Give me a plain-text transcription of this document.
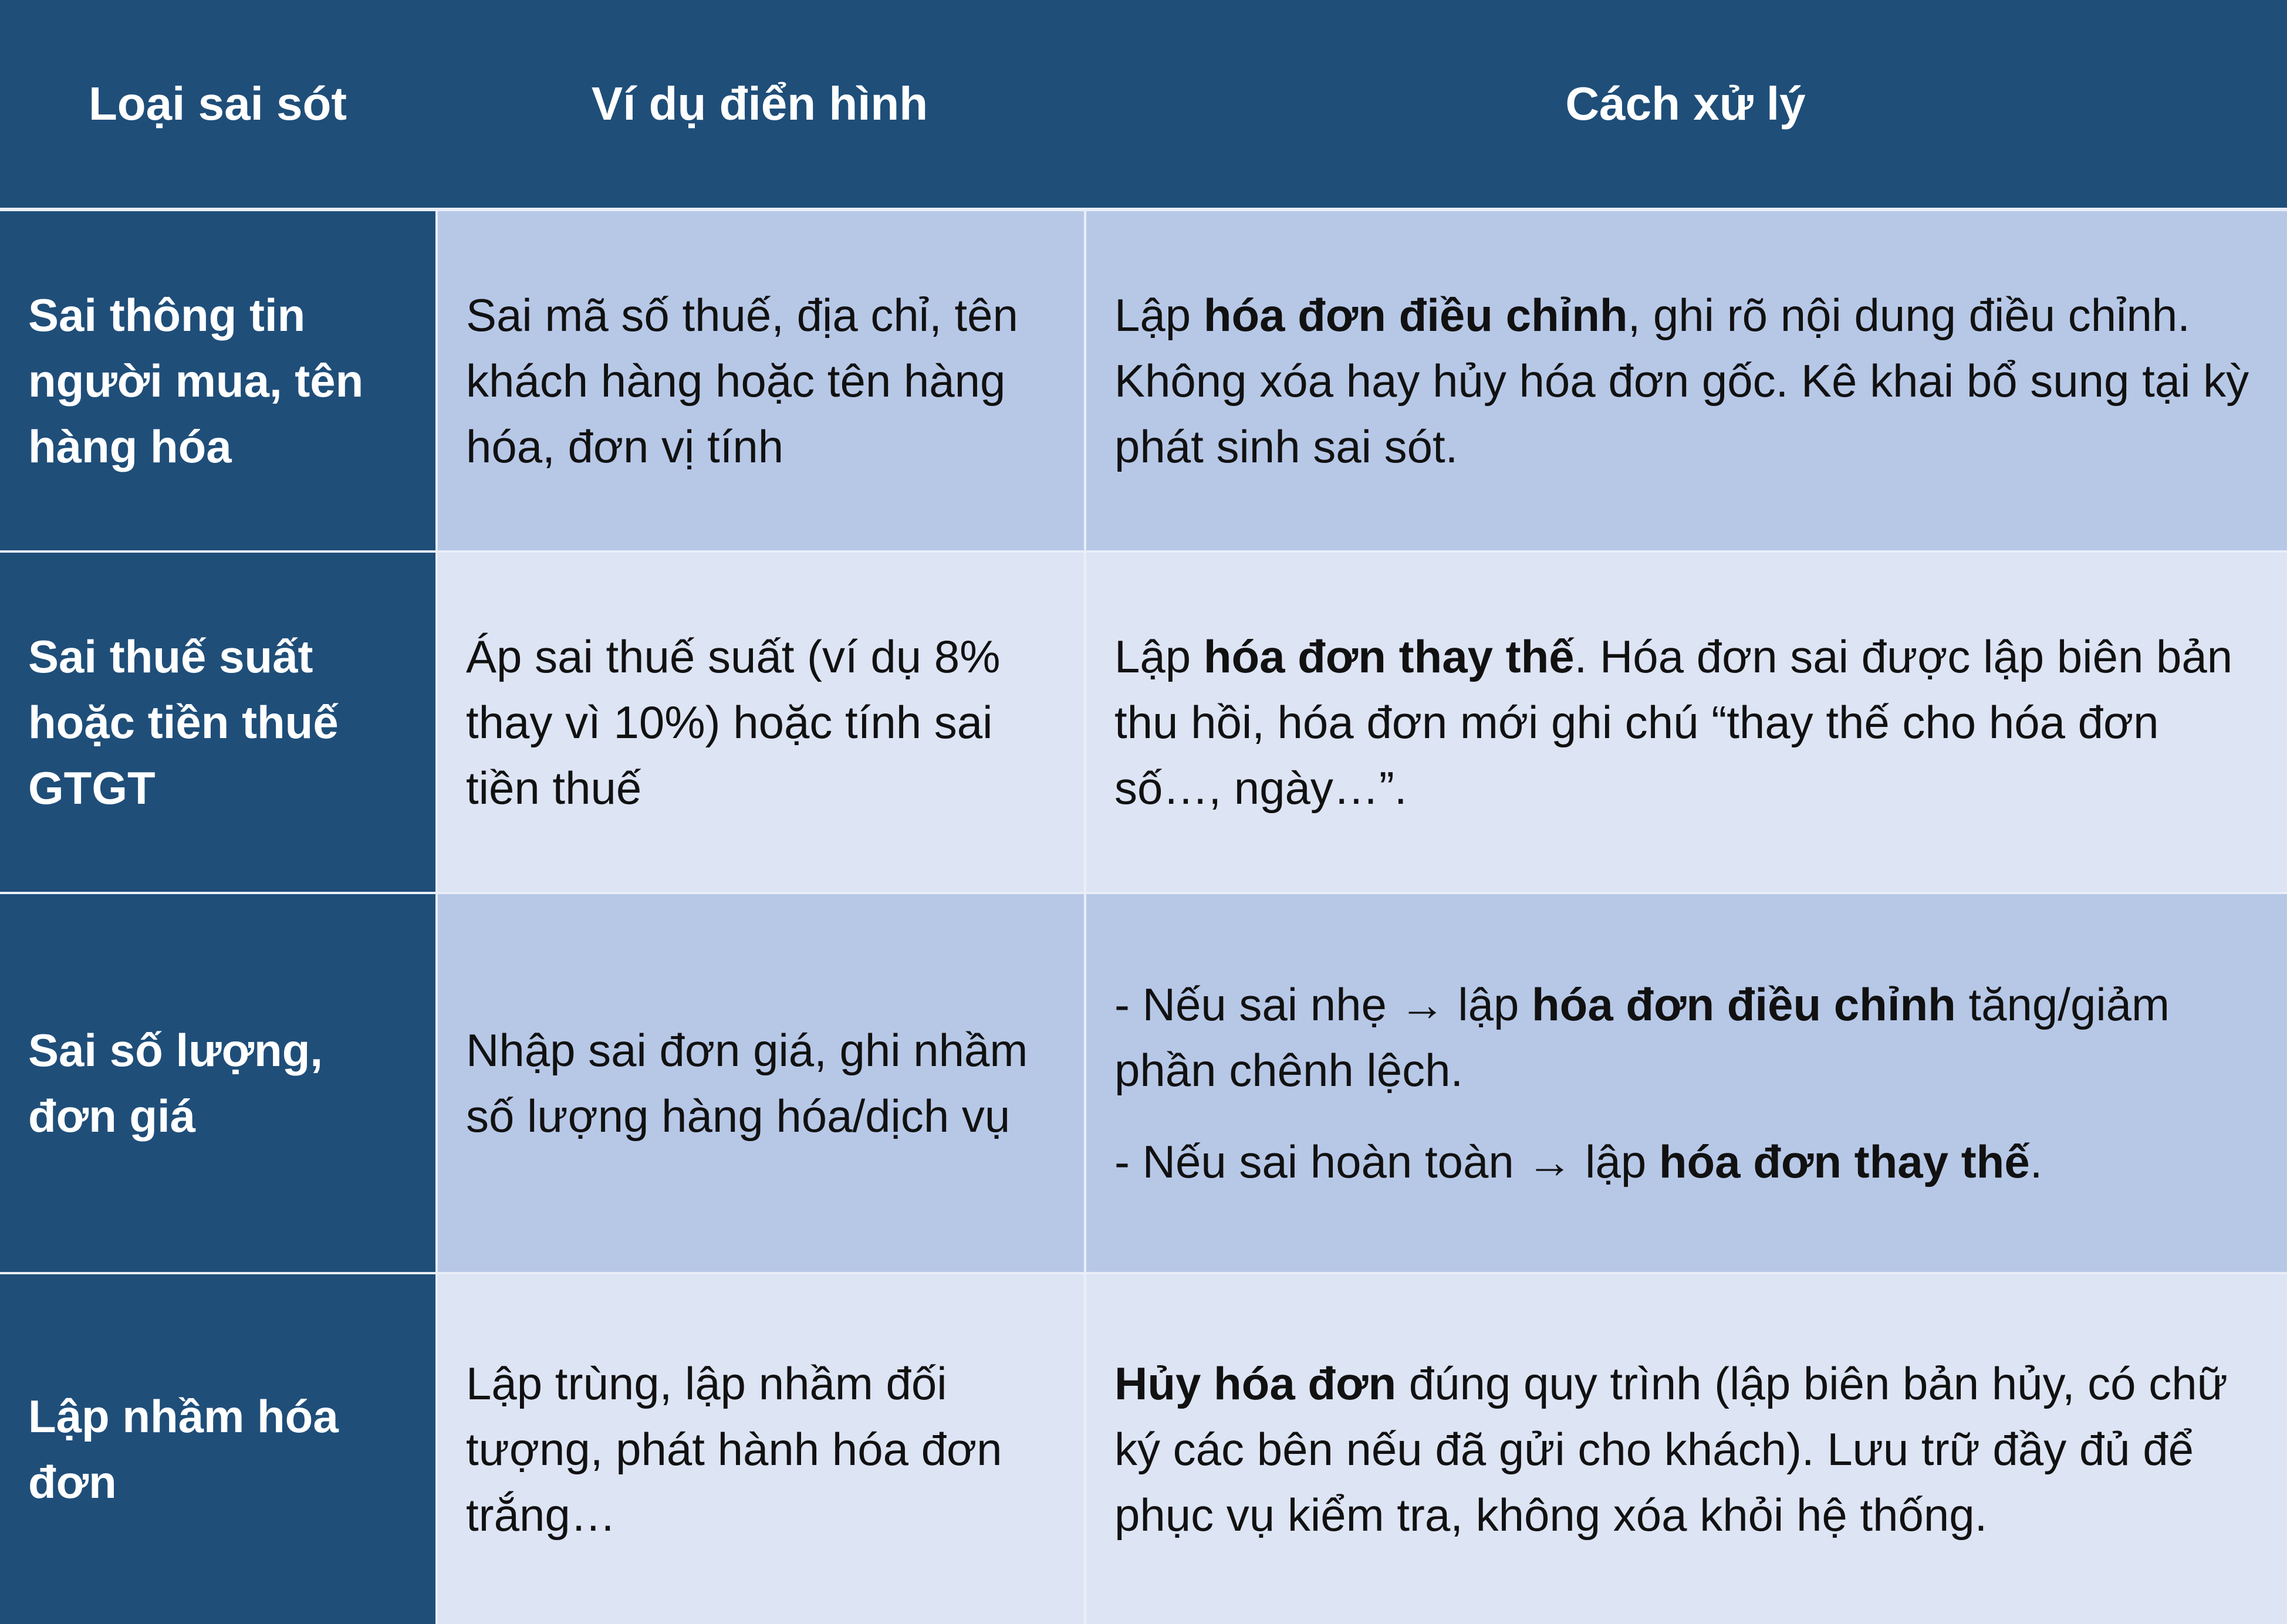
Loại sai sót	Ví dụ điển hình	Cách xử lý
Sai thông tin người mua, tên hàng hóa
Sai mã số thuế, địa chỉ, tên khách hàng hoặc tên hàng hóa, đơn vị tính
Lập hóa đơn điều chỉnh, ghi rõ nội dung điều chỉnh. Không xóa hay hủy hóa đơn gốc. Kê khai bổ sung tại kỳ phát sinh sai sót.
Sai thuế suất hoặc tiền thuế GTGT
Áp sai thuế suất (ví dụ 8% thay vì 10%) hoặc tính sai tiền thuế
Lập hóa đơn thay thế. Hóa đơn sai được lập biên bản thu hồi, hóa đơn mới ghi chú “thay thế cho hóa đơn số…, ngày…”.
Sai số lượng, đơn giá
Nhập sai đơn giá, ghi nhầm số lượng hàng hóa/dịch vụ
- Nếu sai nhẹ → lập hóa đơn điều chỉnh tăng/giảm phần chênh lệch.
- Nếu sai hoàn toàn → lập hóa đơn thay thế.
Lập nhầm hóa đơn
Lập trùng, lập nhầm đối tượng, phát hành hóa đơn trắng…
Hủy hóa đơn đúng quy trình (lập biên bản hủy, có chữ ký các bên nếu đã gửi cho khách). Lưu trữ đầy đủ để phục vụ kiểm tra, không xóa khỏi hệ thống.
